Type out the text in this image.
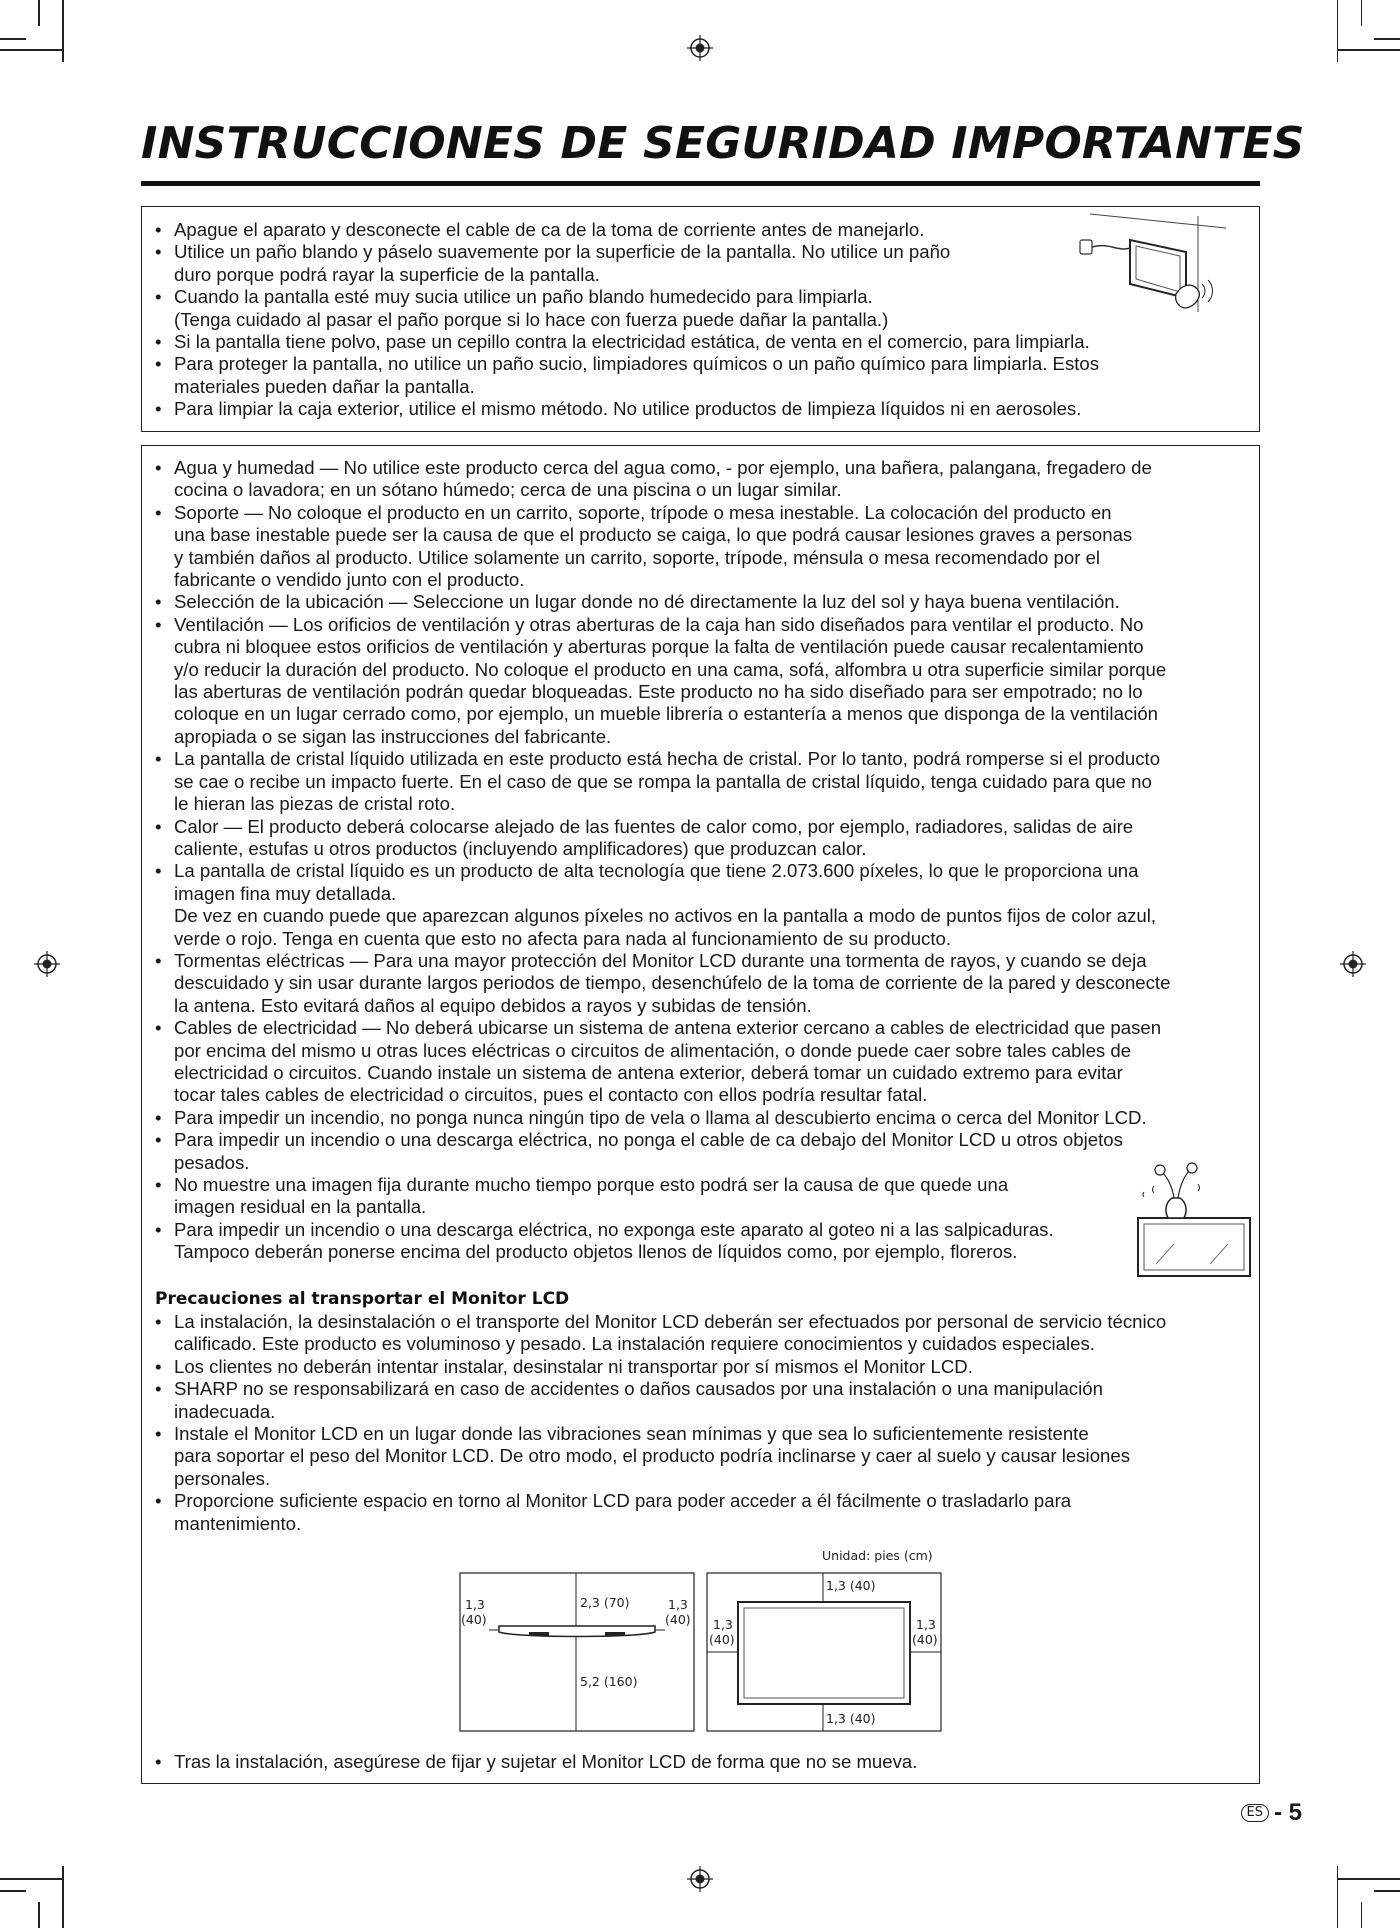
INSTRUCCIONES DE SEGURIDAD IMPORTANTES
• Apague el aparato y desconecte el cable de ca de la toma de corriente antes de manejarlo.
• Utilice un paño blando y páselo suavemente por la superficie de la pantalla. No utilice un paño
duro porque podrá rayar la superficie de la pantalla.
• Cuando la pantalla esté muy sucia utilice un paño blando humedecido para limpiarla.
(Tenga cuidado al pasar el paño porque si lo hace con fuerza puede dañar la pantalla.)
• Si la pantalla tiene polvo, pase un cepillo contra la electricidad estática, de venta en el comercio, para limpiarla.
• Para proteger la pantalla, no utilice un paño sucio, limpiadores químicos o un paño químico para limpiarla. Estos
materiales pueden dañar la pantalla.
• Para limpiar la caja exterior, utilice el mismo método. No utilice productos de limpieza líquidos ni en aerosoles.
• Agua y humedad — No utilice este producto cerca del agua como, - por ejemplo, una bañera, palangana, fregadero de
cocina o lavadora; en un sótano húmedo; cerca de una piscina o un lugar similar.
• Soporte — No coloque el producto en un carrito, soporte, trípode o mesa inestable. La colocación del producto en
una base inestable puede ser la causa de que el producto se caiga, lo que podrá causar lesiones graves a personas
y también daños al producto. Utilice solamente un carrito, soporte, trípode, ménsula o mesa recomendado por el
fabricante o vendido junto con el producto.
• Selección de la ubicación — Seleccione un lugar donde no dé directamente la luz del sol y haya buena ventilación.
• Ventilación — Los orificios de ventilación y otras aberturas de la caja han sido diseñados para ventilar el producto. No
cubra ni bloquee estos orificios de ventilación y aberturas porque la falta de ventilación puede causar recalentamiento
y/o reducir la duración del producto. No coloque el producto en una cama, sofá, alfombra u otra superficie similar porque
las aberturas de ventilación podrán quedar bloqueadas. Este producto no ha sido diseñado para ser empotrado; no lo
coloque en un lugar cerrado como, por ejemplo, un mueble librería o estantería a menos que disponga de la ventilación
apropiada o se sigan las instrucciones del fabricante.
• La pantalla de cristal líquido utilizada en este producto está hecha de cristal. Por lo tanto, podrá romperse si el producto
se cae o recibe un impacto fuerte. En el caso de que se rompa la pantalla de cristal líquido, tenga cuidado para que no
le hieran las piezas de cristal roto.
• Calor — El producto deberá colocarse alejado de las fuentes de calor como, por ejemplo, radiadores, salidas de aire
caliente, estufas u otros productos (incluyendo amplificadores) que produzcan calor.
• La pantalla de cristal líquido es un producto de alta tecnología que tiene 2.073.600 píxeles, lo que le proporciona una
imagen fina muy detallada.
De vez en cuando puede que aparezcan algunos píxeles no activos en la pantalla a modo de puntos fijos de color azul,
verde o rojo. Tenga en cuenta que esto no afecta para nada al funcionamiento de su producto.
• Tormentas eléctricas — Para una mayor protección del Monitor LCD durante una tormenta de rayos, y cuando se deja
descuidado y sin usar durante largos periodos de tiempo, desenchúfelo de la toma de corriente de la pared y desconecte
la antena. Esto evitará daños al equipo debidos a rayos y subidas de tensión.
• Cables de electricidad — No deberá ubicarse un sistema de antena exterior cercano a cables de electricidad que pasen
por encima del mismo u otras luces eléctricas o circuitos de alimentación, o donde puede caer sobre tales cables de
electricidad o circuitos. Cuando instale un sistema de antena exterior, deberá tomar un cuidado extremo para evitar
tocar tales cables de electricidad o circuitos, pues el contacto con ellos podría resultar fatal.
• Para impedir un incendio, no ponga nunca ningún tipo de vela o llama al descubierto encima o cerca del Monitor LCD.
• Para impedir un incendio o una descarga eléctrica, no ponga el cable de ca debajo del Monitor LCD u otros objetos
pesados.
• No muestre una imagen fija durante mucho tiempo porque esto podrá ser la causa de que quede una
imagen residual en la pantalla.
• Para impedir un incendio o una descarga eléctrica, no exponga este aparato al goteo ni a las salpicaduras.
Tampoco deberán ponerse encima del producto objetos llenos de líquidos como, por ejemplo, floreros.
Precauciones al transportar el Monitor LCD
• La instalación, la desinstalación o el transporte del Monitor LCD deberán ser efectuados por personal de servicio técnico
calificado. Este producto es voluminoso y pesado. La instalación requiere conocimientos y cuidados especiales.
• Los clientes no deberán intentar instalar, desinstalar ni transportar por sí mismos el Monitor LCD.
• SHARP no se responsabilizará en caso de accidentes o daños causados por una instalación o una manipulación
inadecuada.
• Instale el Monitor LCD en un lugar donde las vibraciones sean mínimas y que sea lo suficientemente resistente
para soportar el peso del Monitor LCD. De otro modo, el producto podría inclinarse y caer al suelo y causar lesiones
personales.
• Proporcione suficiente espacio en torno al Monitor LCD para poder acceder a él fácilmente o trasladarlo para
mantenimiento.
Unidad: pies (cm)
1,3
(40)
1,3
(40)
2,3 (70)
5,2 (160)
1,3 (40)
1,3 (40)
1,3
(40)
1,3
(40)
• Tras la instalación, asegúrese de fijar y sujetar el Monitor LCD de forma que no se mueva.
ES - 5
